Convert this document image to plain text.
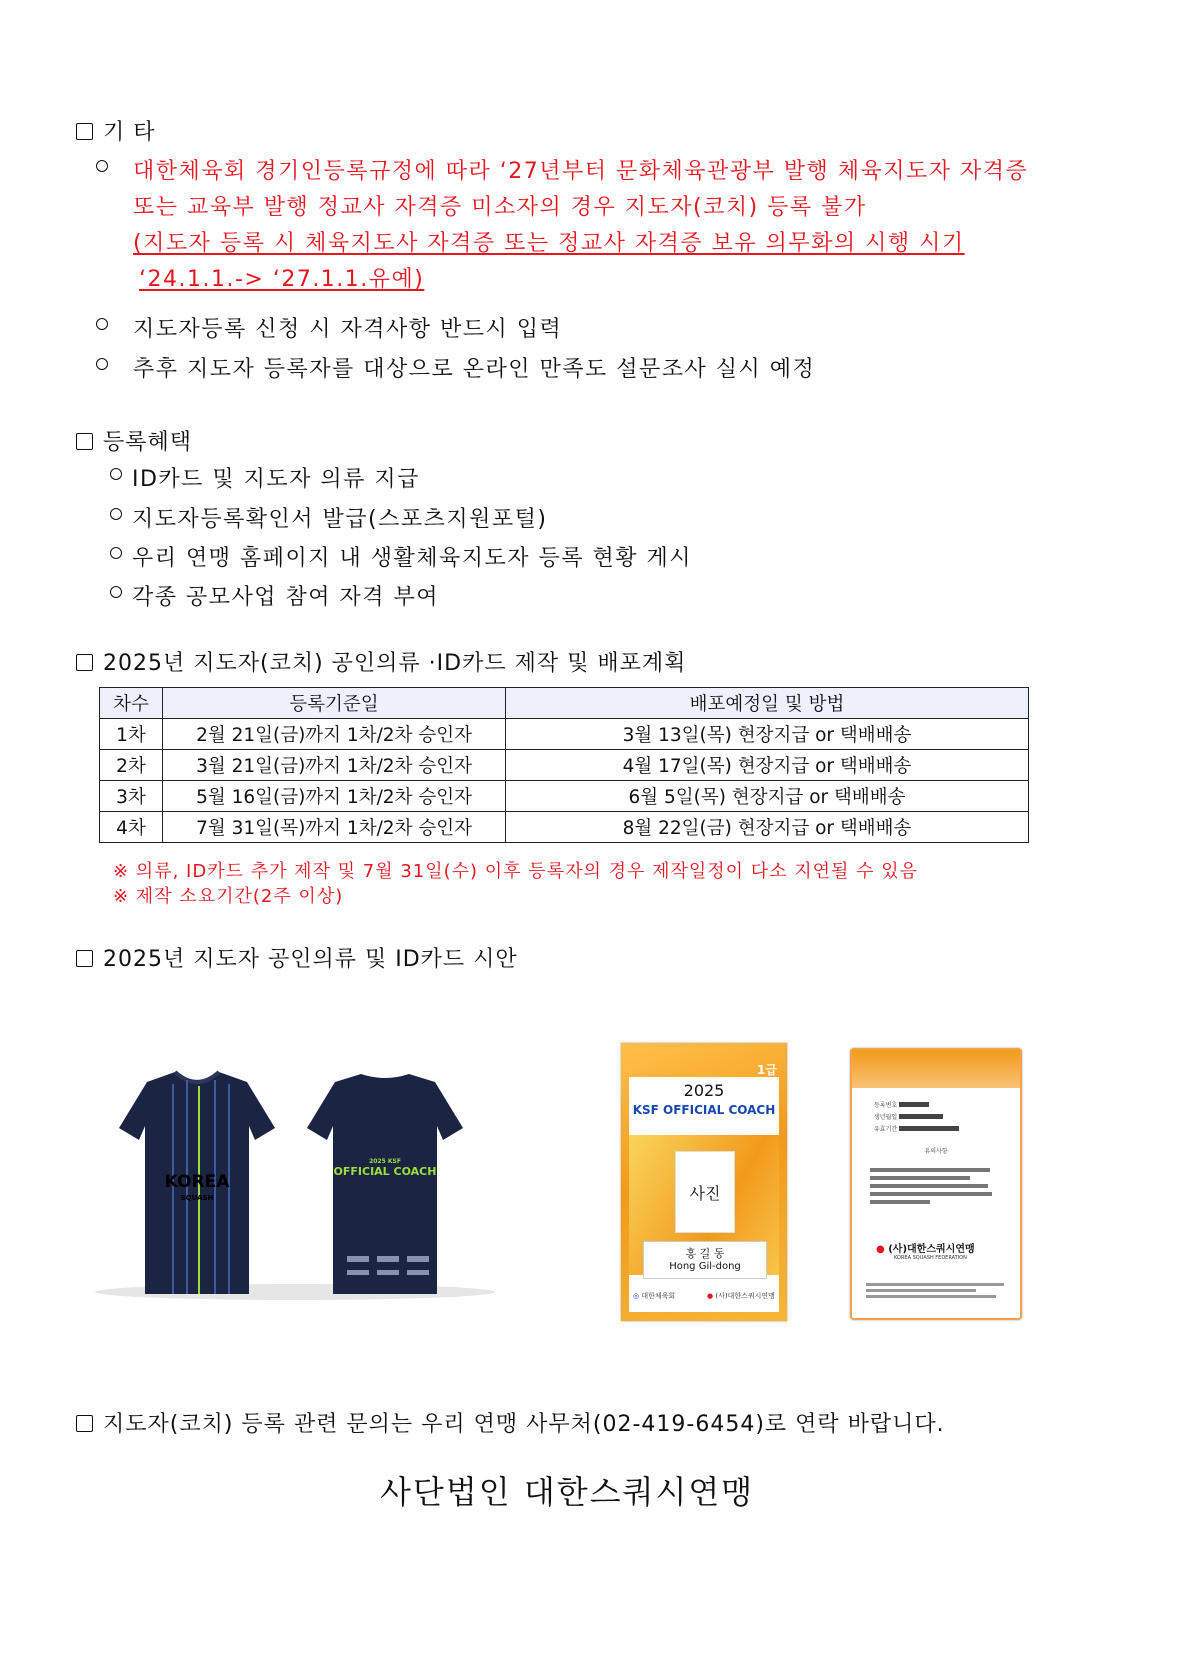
기 타
대한체육회 경기인등록규정에 따라 ‘27년부터 문화체육관광부 발행 체육지도자 자격증
또는 교육부 발행 정교사 자격증 미소자의 경우 지도자(코치) 등록 불가
(지도자 등록 시 체육지도사 자격증 또는 정교사 자격증 보유 의무화의 시행 시기
‘24.1.1.-> ‘27.1.1.유예)
지도자등록 신청 시 자격사항 반드시 입력
추후 지도자 등록자를 대상으로 온라인 만족도 설문조사 실시 예정
등록혜택
ID카드 및 지도자 의류 지급
지도자등록확인서 발급(스포츠지원포털)
우리 연맹 홈페이지 내 생활체육지도자 등록 현황 게시
각종 공모사업 참여 자격 부여
2025년 지도자(코치) 공인의류 ·ID카드 제작 및 배포계획
차수	등록기준일	배포예정일 및 방법
1차	2월 21일(금)까지 1차/2차 승인자	3월 13일(목) 현장지급 or 택배배송
2차	3월 21일(금)까지 1차/2차 승인자	4월 17일(목) 현장지급 or 택배배송
3차	5월 16일(금)까지 1차/2차 승인자	6월 5일(목) 현장지급 or 택배배송
4차	7월 31일(목)까지 1차/2차 승인자	8월 22일(금) 현장지급 or 택배배송
※ 의류, ID카드 추가 제작 및 7월 31일(수) 이후 등록자의 경우 제작일정이 다소 지연될 수 있음
※ 제작 소요기간(2주 이상)
2025년 지도자 공인의류 및 ID카드 시안
KOREA
SQUASH
2025 KSF
OFFICIAL COACH
1급
2025
KSF OFFICIAL COACH
사진
홍 길 동
Hong Gil-dong
◎ 대한체육회	● (사)대한스쿼시연맹
등록번호
생년월일
유효기간
유의사항
● (사)대한스쿼시연맹
KOREA SQUASH FEDERATION
지도자(코치) 등록 관련 문의는 우리 연맹 사무처(02-419-6454)로 연락 바랍니다.
사단법인 대한스쿼시연맹
